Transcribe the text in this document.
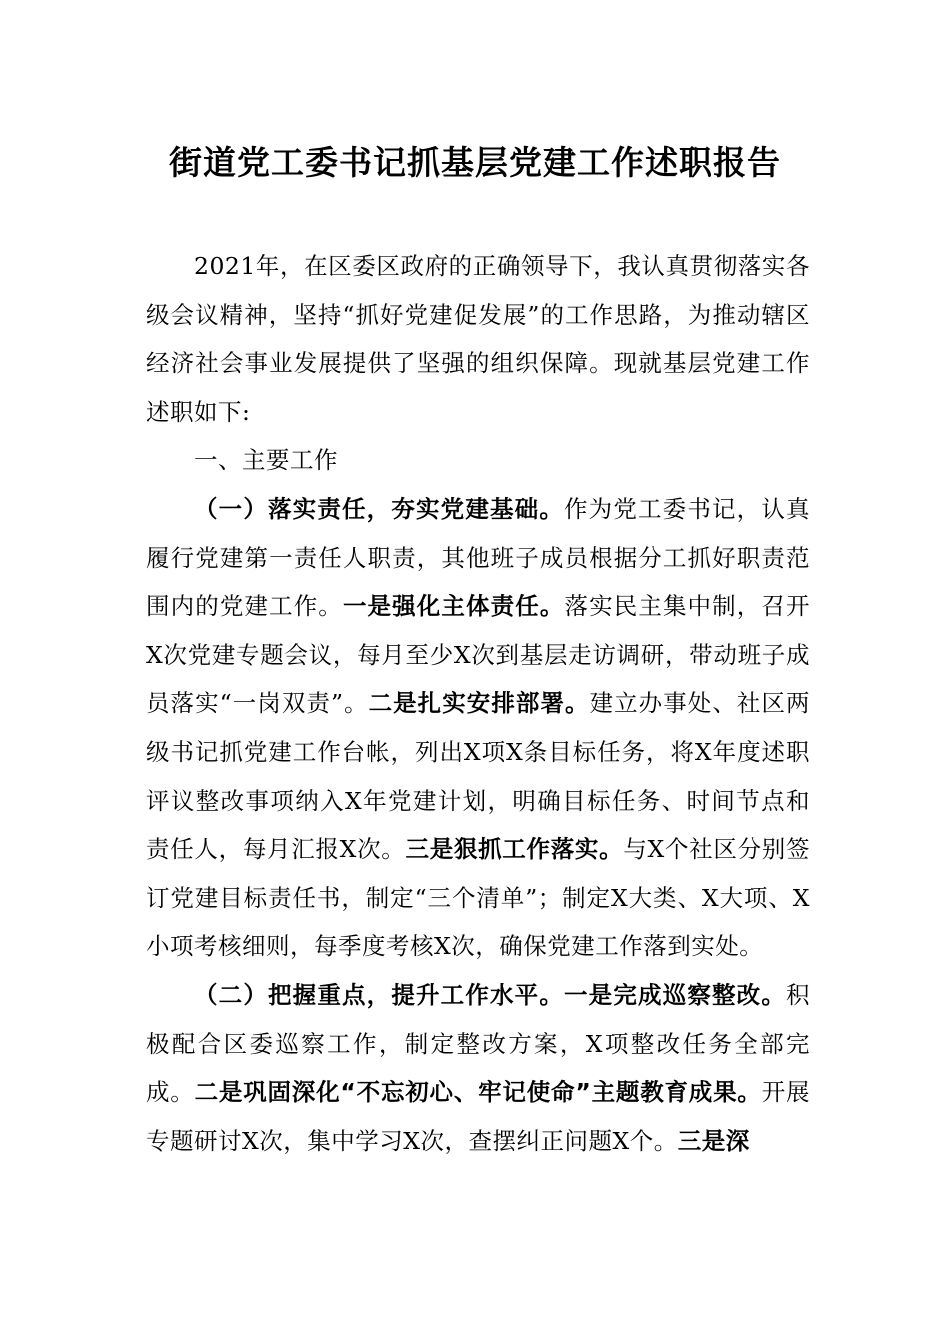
街道党工委书记抓基层党建工作述职报告

2021年，在区委区政府的正确领导下，我认真贯彻落实各级会议精神，坚持“抓好党建促发展”的工作思路，为推动辖区经济社会事业发展提供了坚强的组织保障。现就基层党建工作述职如下:

一、主要工作

（一）落实责任，夯实党建基础。作为党工委书记，认真履行党建第一责任人职责，其他班子成员根据分工抓好职责范围内的党建工作。一是强化主体责任。落实民主集中制，召开X次党建专题会议，每月至少X次到基层走访调研，带动班子成员落实“一岗双责”。二是扎实安排部署。建立办事处、社区两级书记抓党建工作台帐，列出X项X条目标任务，将X年度述职评议整改事项纳入X年党建计划，明确目标任务、时间节点和责任人，每月汇报X次。三是狠抓工作落实。与X个社区分别签订党建目标责任书，制定“三个清单”；制定X大类、X大项、X小项考核细则，每季度考核X次，确保党建工作落到实处。

（二）把握重点，提升工作水平。一是完成巡察整改。积极配合区委巡察工作，制定整改方案，X项整改任务全部完成。二是巩固深化“不忘初心、牢记使命”主题教育成果。开展专题研讨X次，集中学习X次，查摆纠正问题X个。三是深
